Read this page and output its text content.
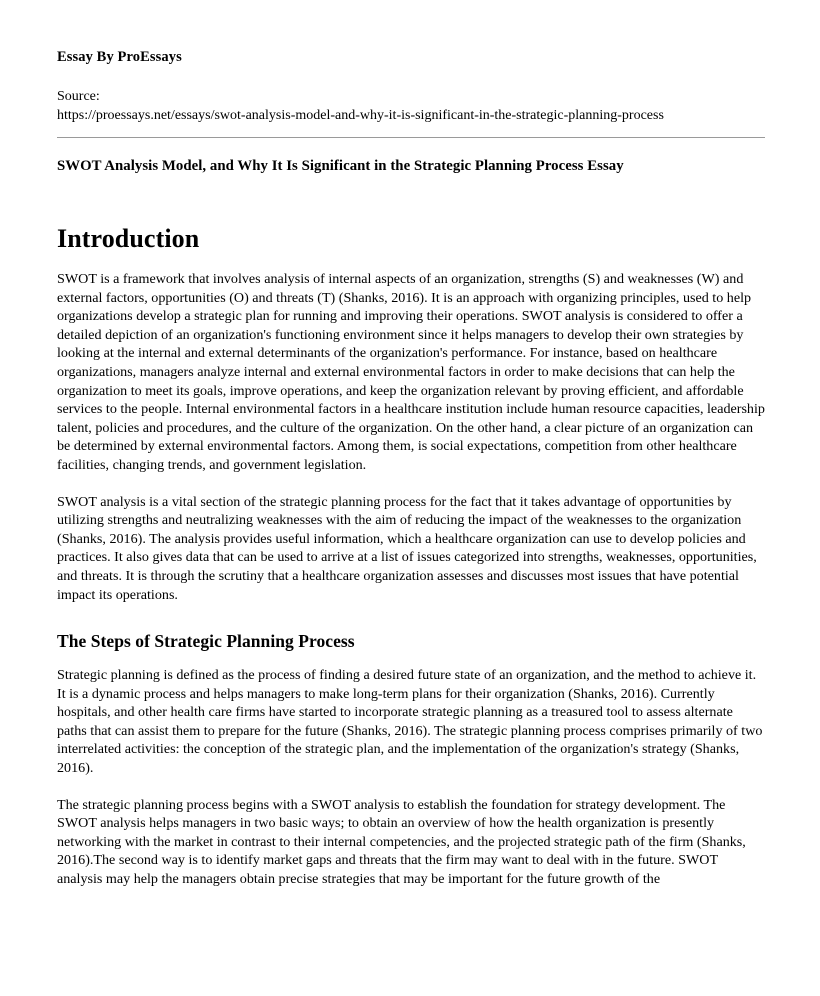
Essay By ProEssays
Source:
https://proessays.net/essays/swot-analysis-model-and-why-it-is-significant-in-the-strategic-planning-process
SWOT Analysis Model, and Why It Is Significant in the Strategic Planning Process Essay
Introduction

SWOT is a framework that involves analysis of internal aspects of an organization, strengths (S) and weaknesses (W) and external factors, opportunities (O) and threats (T) (Shanks, 2016). It is an approach with organizing principles, used to help organizations develop a strategic plan for running and improving their operations. SWOT analysis is considered to offer a detailed depiction of an organization's functioning environment since it helps managers to develop their own strategies by looking at the internal and external determinants of the organization's performance. For instance, based on healthcare organizations, managers analyze internal and external environmental factors in order to make decisions that can help the organization to meet its goals, improve operations, and keep the organization relevant by proving efficient, and affordable services to the people. Internal environmental factors in a healthcare institution include human resource capacities, leadership talent, policies and procedures, and the culture of the organization. On the other hand, a clear picture of an organization can be determined by external environmental factors. Among them, is social expectations, competition from other healthcare facilities, changing trends, and government legislation.

SWOT analysis is a vital section of the strategic planning process for the fact that it takes advantage of opportunities by utilizing strengths and neutralizing weaknesses with the aim of reducing the impact of the weaknesses to the organization (Shanks, 2016). The analysis provides useful information, which a healthcare organization can use to develop policies and practices. It also gives data that can be used to arrive at a list of issues categorized into strengths, weaknesses, opportunities, and threats. It is through the scrutiny that a healthcare organization assesses and discusses most issues that have potential impact its operations.

The Steps of Strategic Planning Process

Strategic planning is defined as the process of finding a desired future state of an organization, and the method to achieve it. It is a dynamic process and helps managers to make long-term plans for their organization (Shanks, 2016). Currently hospitals, and other health care firms have started to incorporate strategic planning as a treasured tool to assess alternate paths that can assist them to prepare for the future (Shanks, 2016). The strategic planning process comprises primarily of two interrelated activities: the conception of the strategic plan, and the implementation of the organization's strategy (Shanks, 2016).

The strategic planning process begins with a SWOT analysis to establish the foundation for strategy development. The SWOT analysis helps managers in two basic ways; to obtain an overview of how the health organization is presently networking with the market in contrast to their internal competencies, and the projected strategic path of the firm (Shanks, 2016).The second way is to identify market gaps and threats that the firm may want to deal with in the future. SWOT analysis may help the managers obtain precise strategies that may be important for the future growth of the
